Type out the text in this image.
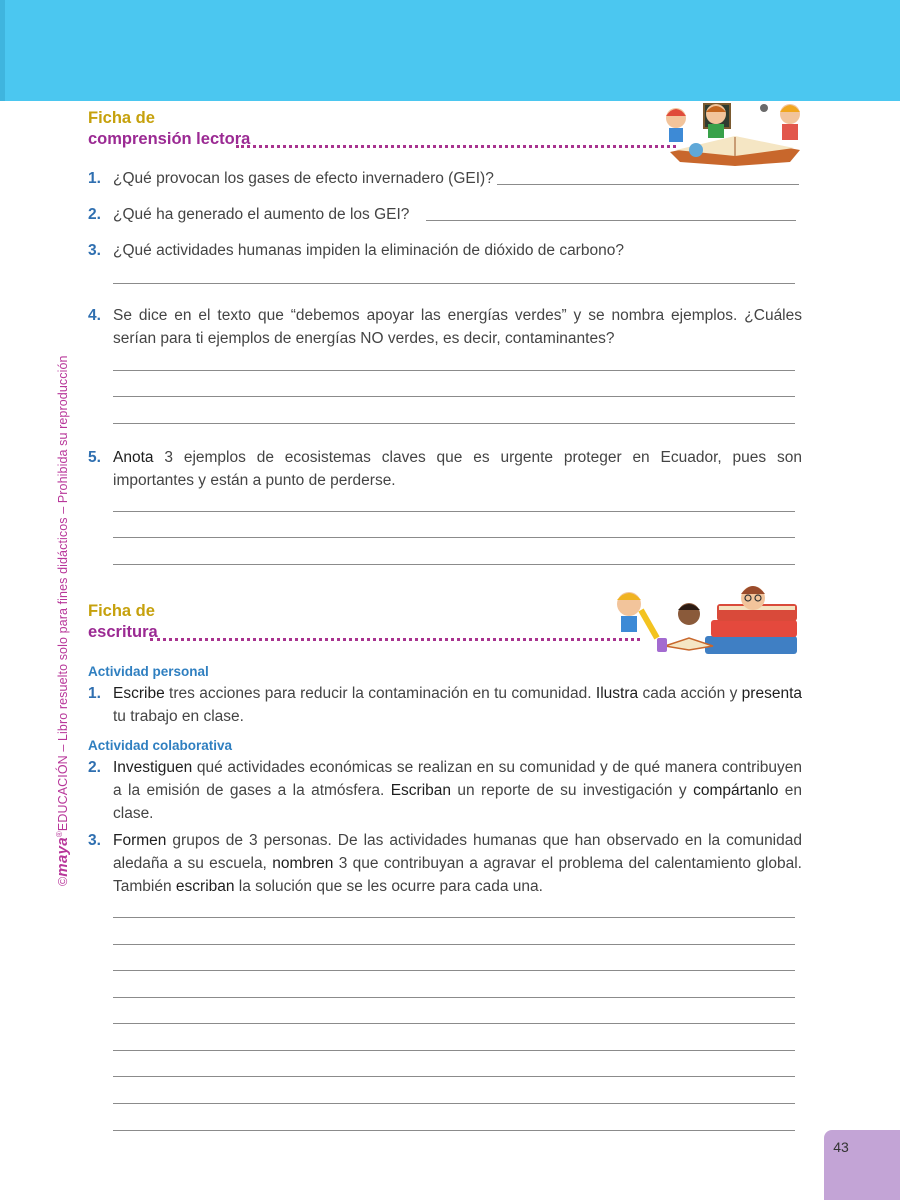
©maya®EDUCACIÓN – Libro resuelto solo para fines didácticos – Prohibida su reproducción
Ficha de
comprensión lectora
1. ¿Qué provocan los gases de efecto invernadero (GEI)?
2. ¿Qué ha generado el aumento de los GEI?
3. ¿Qué actividades humanas impiden la eliminación de dióxido de carbono?
4. Se dice en el texto que “debemos apoyar las energías verdes” y se nombra ejemplos. ¿Cuáles serían para ti ejemplos de energías NO verdes, es decir, contaminantes?
5. Anota 3 ejemplos de ecosistemas claves que es urgente proteger en Ecuador, pues son importantes y están a punto de perderse.
Ficha de
escritura
Actividad personal
1. Escribe tres acciones para reducir la contaminación en tu comunidad. Ilustra cada acción y presenta tu trabajo en clase.
Actividad colaborativa
2. Investiguen qué actividades económicas se realizan en su comunidad y de qué manera contribuyen a la emisión de gases a la atmósfera. Escriban un reporte de su investigación y compártanlo en clase.
3. Formen grupos de 3 personas. De las actividades humanas que han observado en la comunidad aledaña a su escuela, nombren 3 que contribuyan a agravar el problema del calentamiento global. También escriban la solución que se les ocurre para cada una.
43
